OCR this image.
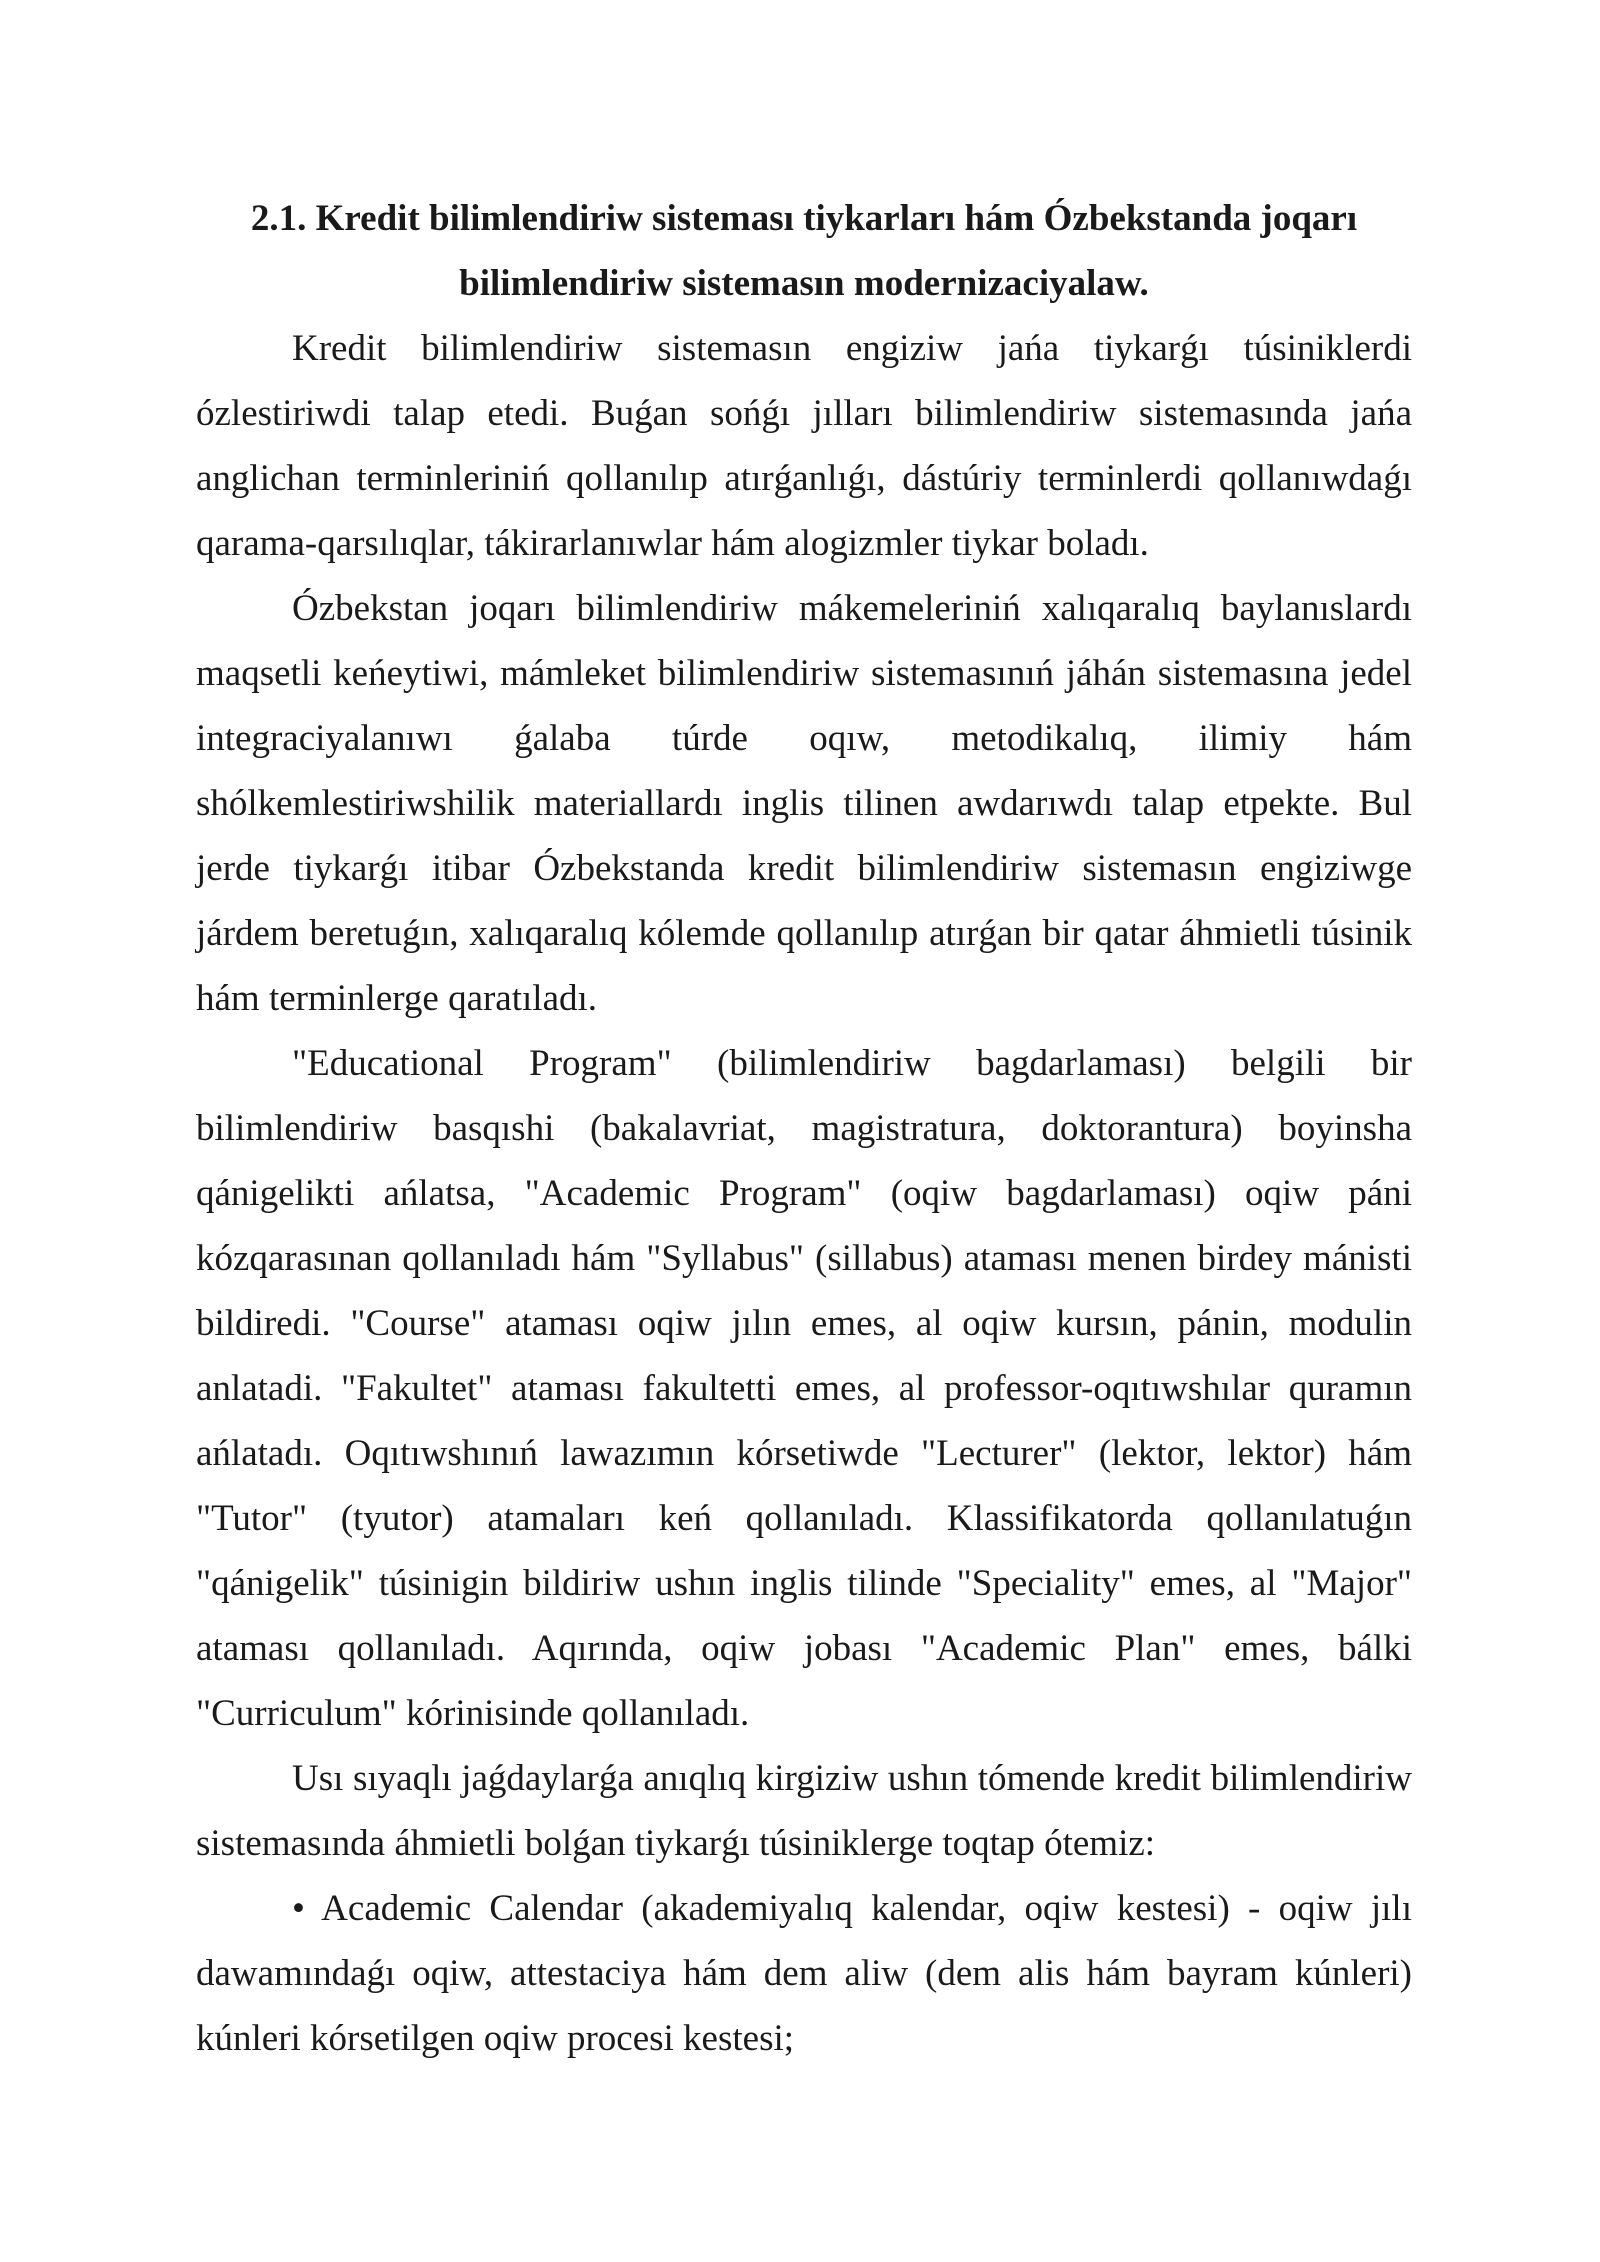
2.1. Kredit bilimlendiriw sisteması tiykarları hám Ózbekstanda joqarı bilimlendiriw sistemasın modernizaciyalaw.

Kredit bilimlendiriw sistemasın engiziw jańa tiykarǵı túsiniklerdi ózlestiriwdi talap etedi. Buǵan sońǵı jılları bilimlendiriw sistemasında jańa anglichan terminleriniń qollanılıp atırǵanlıǵı, dástúriy terminlerdi qollanıwdaǵı qarama-qarsılıqlar, tákirarlanıwlar hám alogizmler tiykar boladı.

Ózbekstan joqarı bilimlendiriw mákemeleriniń xalıqaralıq baylanıslardı maqsetli keńeytiwi, mámleket bilimlendiriw sistemasınıń jáhán sistemasına jedel integraciyalanıwı ǵalaba túrde oqıw, metodikalıq, ilimiy hám shólkemlestiriwshilik materiallardı inglis tilinen awdarıwdı talap etpekte. Bul jerde tiykarǵı itibar Ózbekstanda kredit bilimlendiriw sistemasın engiziwge járdem beretuǵın, xalıqaralıq kólemde qollanılıp atırǵan bir qatar áhmietli túsinik hám terminlerge qaratıladı.

"Educational Program" (bilimlendiriw bagdarlaması) belgili bir bilimlendiriw basqıshi (bakalavriat, magistratura, doktorantura) boyinsha qánigelikti ańlatsa, "Academic Program" (oqiw bagdarlaması) oqiw páni kózqarasınan qollanıladı hám "Syllabus" (sillabus) ataması menen birdey mánisti bildiredi. "Course" ataması oqiw jılın emes, al oqiw kursın, pánin, modulin anlatadi. "Fakultet" ataması fakultetti emes, al professor-oqıtıwshılar quramın ańlatadı. Oqıtıwshınıń lawazımın kórsetiwde "Lecturer" (lektor, lektor) hám "Tutor" (tyutor) atamaları keń qollanıladı. Klassifikatorda qollanılatuǵın "qánigelik" túsinigin bildiriw ushın inglis tilinde "Speciality" emes, al "Major" ataması qollanıladı. Aqırında, oqiw jobası "Academic Plan" emes, bálki "Curriculum" kórinisinde qollanıladı.

Usı sıyaqlı jaǵdaylarǵa anıqlıq kirgiziw ushın tómende kredit bilimlendiriw sistemasında áhmietli bolǵan tiykarǵı túsiniklerge toqtap ótemiz:

• Academic Calendar (akademiyalıq kalendar, oqiw kestesi) - oqiw jılı dawamındaǵı oqiw, attestaciya hám dem aliw (dem alis hám bayram kúnleri) kúnleri kórsetilgen oqiw procesi kestesi;
